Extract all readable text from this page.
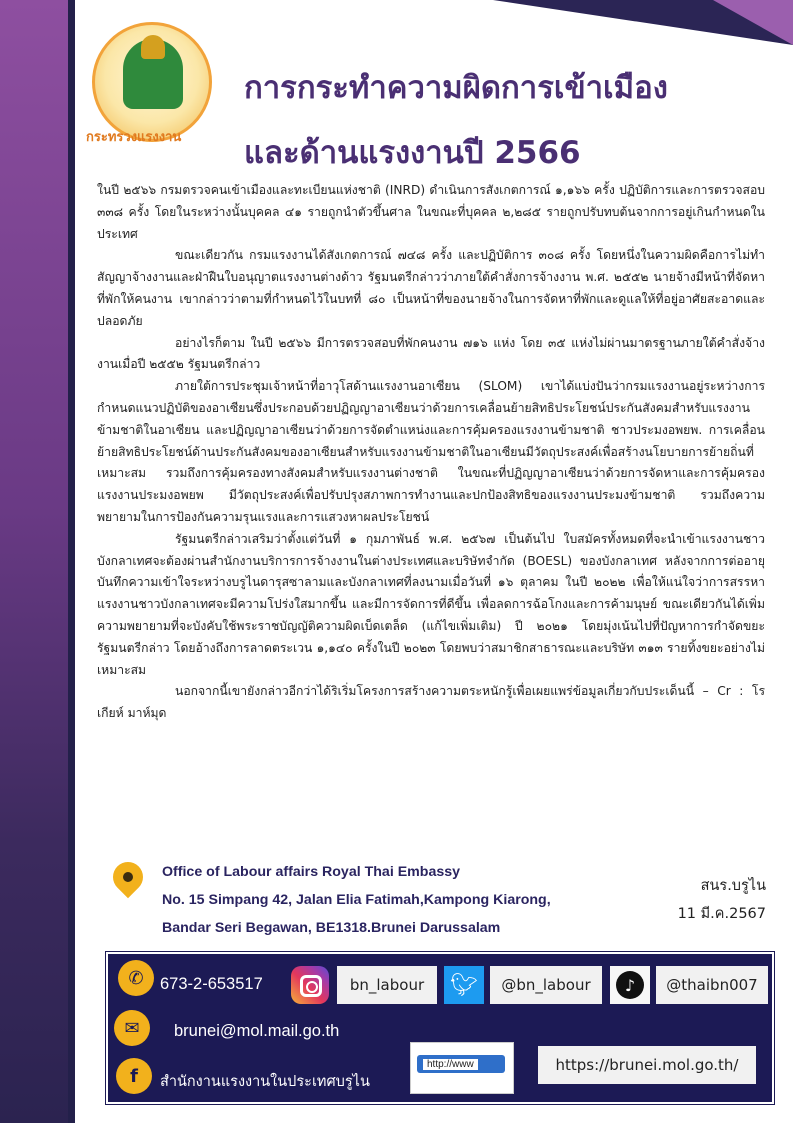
กระทรวงแรงงาน
การกระทำความผิดการเข้าเมือง
และด้านแรงงานปี 2566

ในปี ๒๕๖๖ กรมตรวจคนเข้าเมืองและทะเบียนแห่งชาติ (INRD) ดำเนินการสังเกตการณ์ ๑,๑๖๖ ครั้ง ปฏิบัติการและการตรวจสอบ ๓๓๘ ครั้ง โดยในระหว่างนั้นบุคคล ๔๑ รายถูกนำตัวขึ้นศาล ในขณะที่บุคคล ๒,๒๘๕ รายถูกปรับทบต้นจากการอยู่เกินกำหนดในประเทศ

ขณะเดียวกัน กรมแรงงานได้สังเกตการณ์ ๗๔๘ ครั้ง และปฏิบัติการ ๓๐๘ ครั้ง โดยหนึ่งในความผิดคือการไม่ทำสัญญาจ้างงานและฝ่าฝืนใบอนุญาตแรงงานต่างด้าว รัฐมนตรีกล่าวว่าภายใต้คำสั่งการจ้างงาน พ.ศ. ๒๕๕๒ นายจ้างมีหน้าที่จัดหาที่พักให้คนงาน เขากล่าวว่าตามที่กำหนดไว้ในบทที่ ๘๐ เป็นหน้าที่ของนายจ้างในการจัดหาที่พักและดูแลให้ที่อยู่อาศัยสะอาดและปลอดภัย

อย่างไรก็ตาม ในปี ๒๕๖๖ มีการตรวจสอบที่พักคนงาน ๗๑๖ แห่ง โดย ๓๕ แห่งไม่ผ่านมาตรฐานภายใต้คำสั่งจ้างงานเมื่อปี ๒๕๕๒ รัฐมนตรีกล่าว

ภายใต้การประชุมเจ้าหน้าที่อาวุโสด้านแรงงานอาเซียน (SLOM) เขาได้แบ่งปันว่ากรมแรงงานอยู่ระหว่างการกำหนดแนวปฏิบัติของอาเซียนซึ่งประกอบด้วยปฏิญญาอาเซียนว่าด้วยการเคลื่อนย้ายสิทธิประโยชน์ประกันสังคมสำหรับแรงงานข้ามชาติในอาเซียน และปฏิญญาอาเซียนว่าด้วยการจัดตำแหน่งและการคุ้มครองแรงงานข้ามชาติ ชาวประมงอพยพ. การเคลื่อนย้ายสิทธิประโยชน์ด้านประกันสังคมของอาเซียนสำหรับแรงงานข้ามชาติในอาเซียนมีวัตถุประสงค์เพื่อสร้างนโยบายการย้ายถิ่นที่เหมาะสม รวมถึงการคุ้มครองทางสังคมสำหรับแรงงานต่างชาติ ในขณะที่ปฏิญญาอาเซียนว่าด้วยการจัดหาและการคุ้มครองแรงงานประมงอพยพ มีวัตถุประสงค์เพื่อปรับปรุงสภาพการทำงานและปกป้องสิทธิของแรงงานประมงข้ามชาติ รวมถึงความพยายามในการป้องกันความรุนแรงและการแสวงหาผลประโยชน์

รัฐมนตรีกล่าวเสริมว่าตั้งแต่วันที่ ๑ กุมภาพันธ์ พ.ศ. ๒๕๖๗ เป็นต้นไป ใบสมัครทั้งหมดที่จะนำเข้าแรงงานชาวบังกลาเทศจะต้องผ่านสำนักงานบริการการจ้างงานในต่างประเทศและบริษัทจำกัด (BOESL) ของบังกลาเทศ หลังจากการต่ออายุบันทึกความเข้าใจระหว่างบรูไนดารุสซาลามและบังกลาเทศที่ลงนามเมื่อวันที่ ๑๖ ตุลาคม ในปี ๒๐๒๒ เพื่อให้แน่ใจว่าการสรรหาแรงงานชาวบังกลาเทศจะมีความโปร่งใสมากขึ้น และมีการจัดการที่ดีขึ้น เพื่อลดการฉ้อโกงและการค้ามนุษย์ ขณะเดียวกันได้เพิ่มความพยายามที่จะบังคับใช้พระราชบัญญัติความผิดเบ็ดเตล็ด (แก้ไขเพิ่มเติม) ปี ๒๐๒๑ โดยมุ่งเน้นไปที่ปัญหาการกำจัดขยะ รัฐมนตรีกล่าว โดยอ้างถึงการลาดตระเวน ๑,๑๔๐ ครั้งในปี ๒๐๒๓ โดยพบว่าสมาชิกสาธารณะและบริษัท ๓๑๓ รายทิ้งขยะอย่างไม่เหมาะสม

นอกจากนี้เขายังกล่าวอีกว่าได้ริเริ่มโครงการสร้างความตระหนักรู้เพื่อเผยแพร่ข้อมูลเกี่ยวกับประเด็นนี้ – Cr : โรเกียห์ มาห์มุด

Office of Labour affairs Royal Thai Embassy
No. 15 Simpang 42, Jalan Elia Fatimah,Kampong Kiarong,
Bandar Seri Begawan, BE1318.Brunei Darussalam
สนร.บรูไน
11 มี.ค.2567
✆ 673-2-653517	bn_labour	🐦︎	@bn_labour	♪	@thaibn007
✉	brunei@mol.mail.go.th
f	สำนักงานแรงงานในประเทศบรูไน
http://www	https://brunei.mol.go.th/
